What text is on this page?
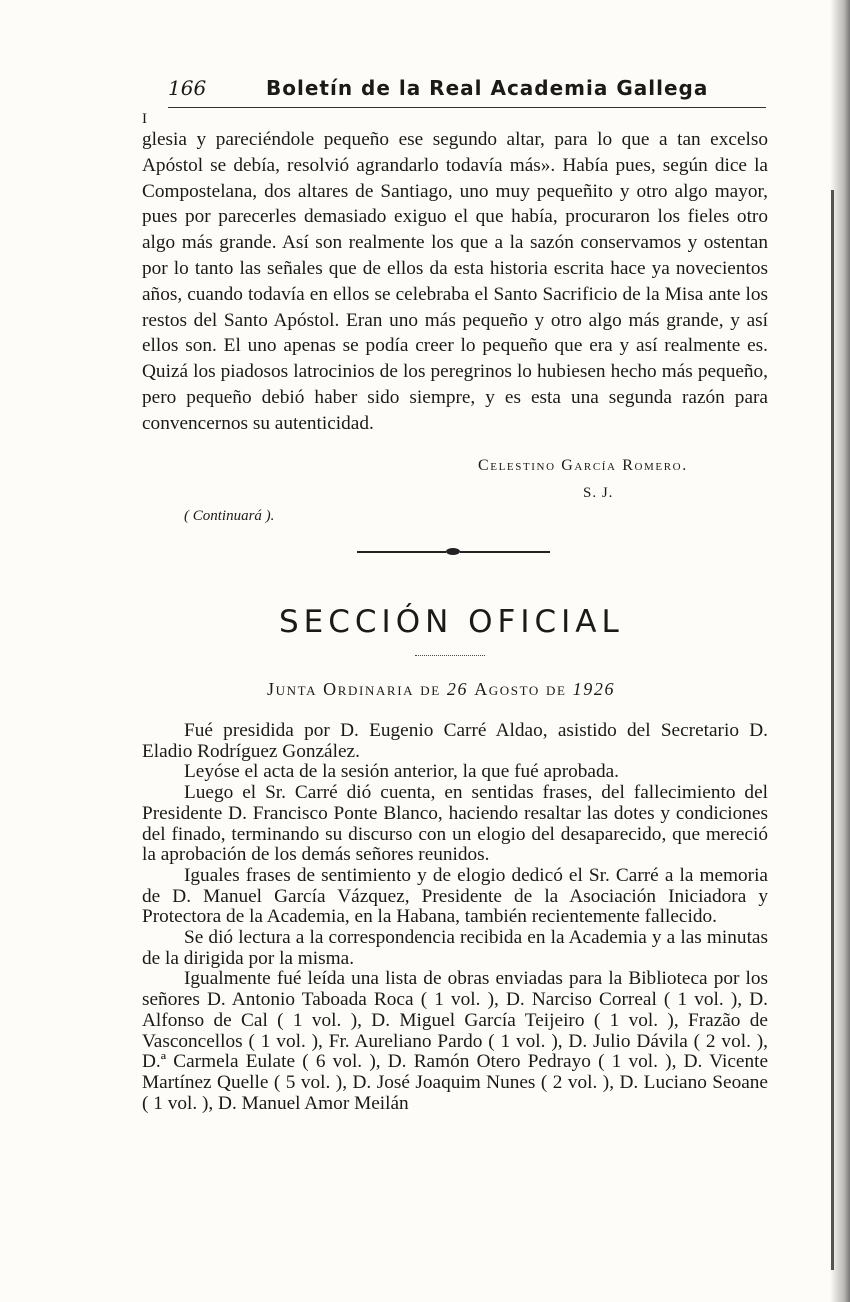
166	Boletín de la Real Academia Gallega
I

glesia y pareciéndole pequeño ese segundo altar, para lo que a tan excelso Apóstol se debía, resolvió agrandarlo todavía más». Había pues, según dice la Compostelana, dos altares de Santiago, uno muy pequeñito y otro algo mayor, pues por parecerles demasiado exiguo el que había, procuraron los fieles otro algo más grande. Así son realmente los que a la sazón conservamos y ostentan por lo tanto las señales que de ellos da esta historia escrita hace ya novecientos años, cuando todavía en ellos se celebraba el Santo Sacrificio de la Misa ante los restos del Santo Apóstol. Eran uno más pequeño y otro algo más grande, y así ellos son. El uno apenas se podía creer lo pequeño que era y así realmente es. Quizá los piadosos latrocinios de los peregrinos lo hubiesen hecho más pequeño, pero pequeño debió haber sido siempre, y es esta una segunda razón para convencernos su autenticidad.

Celestino García Romero.
S. J.
( Continuará ).
SECCIÓN OFICIAL
Junta Ordinaria de 26 Agosto de 1926

Fué presidida por D. Eugenio Carré Aldao, asistido del Secretario D. Eladio Rodríguez González.

Leyóse el acta de la sesión anterior, la que fué aprobada.

Luego el Sr. Carré dió cuenta, en sentidas frases, del fallecimiento del Presidente D. Francisco Ponte Blanco, haciendo resaltar las dotes y condiciones del finado, terminando su discurso con un elogio del desaparecido, que mereció la aprobación de los demás señores reunidos.

Iguales frases de sentimiento y de elogio dedicó el Sr. Carré a la memoria de D. Manuel García Vázquez, Presidente de la Asociación Iniciadora y Protectora de la Academia, en la Habana, también recientemente fallecido.

Se dió lectura a la correspondencia recibida en la Academia y a las minutas de la dirigida por la misma.

Igualmente fué leída una lista de obras enviadas para la Biblioteca por los señores D. Antonio Taboada Roca ( 1 vol. ), D. Narciso Correal ( 1 vol. ), D. Alfonso de Cal ( 1 vol. ), D. Miguel García Teijeiro ( 1 vol. ), Frazão de Vasconcellos ( 1 vol. ), Fr. Aureliano Pardo ( 1 vol. ), D. Julio Dávila ( 2 vol. ), D.ª Carmela Eulate ( 6 vol. ), D. Ramón Otero Pedrayo ( 1 vol. ), D. Vicente Martínez Quelle ( 5 vol. ), D. José Joaquim Nunes ( 2 vol. ), D. Luciano Seoane ( 1 vol. ), D. Manuel Amor Meilán
